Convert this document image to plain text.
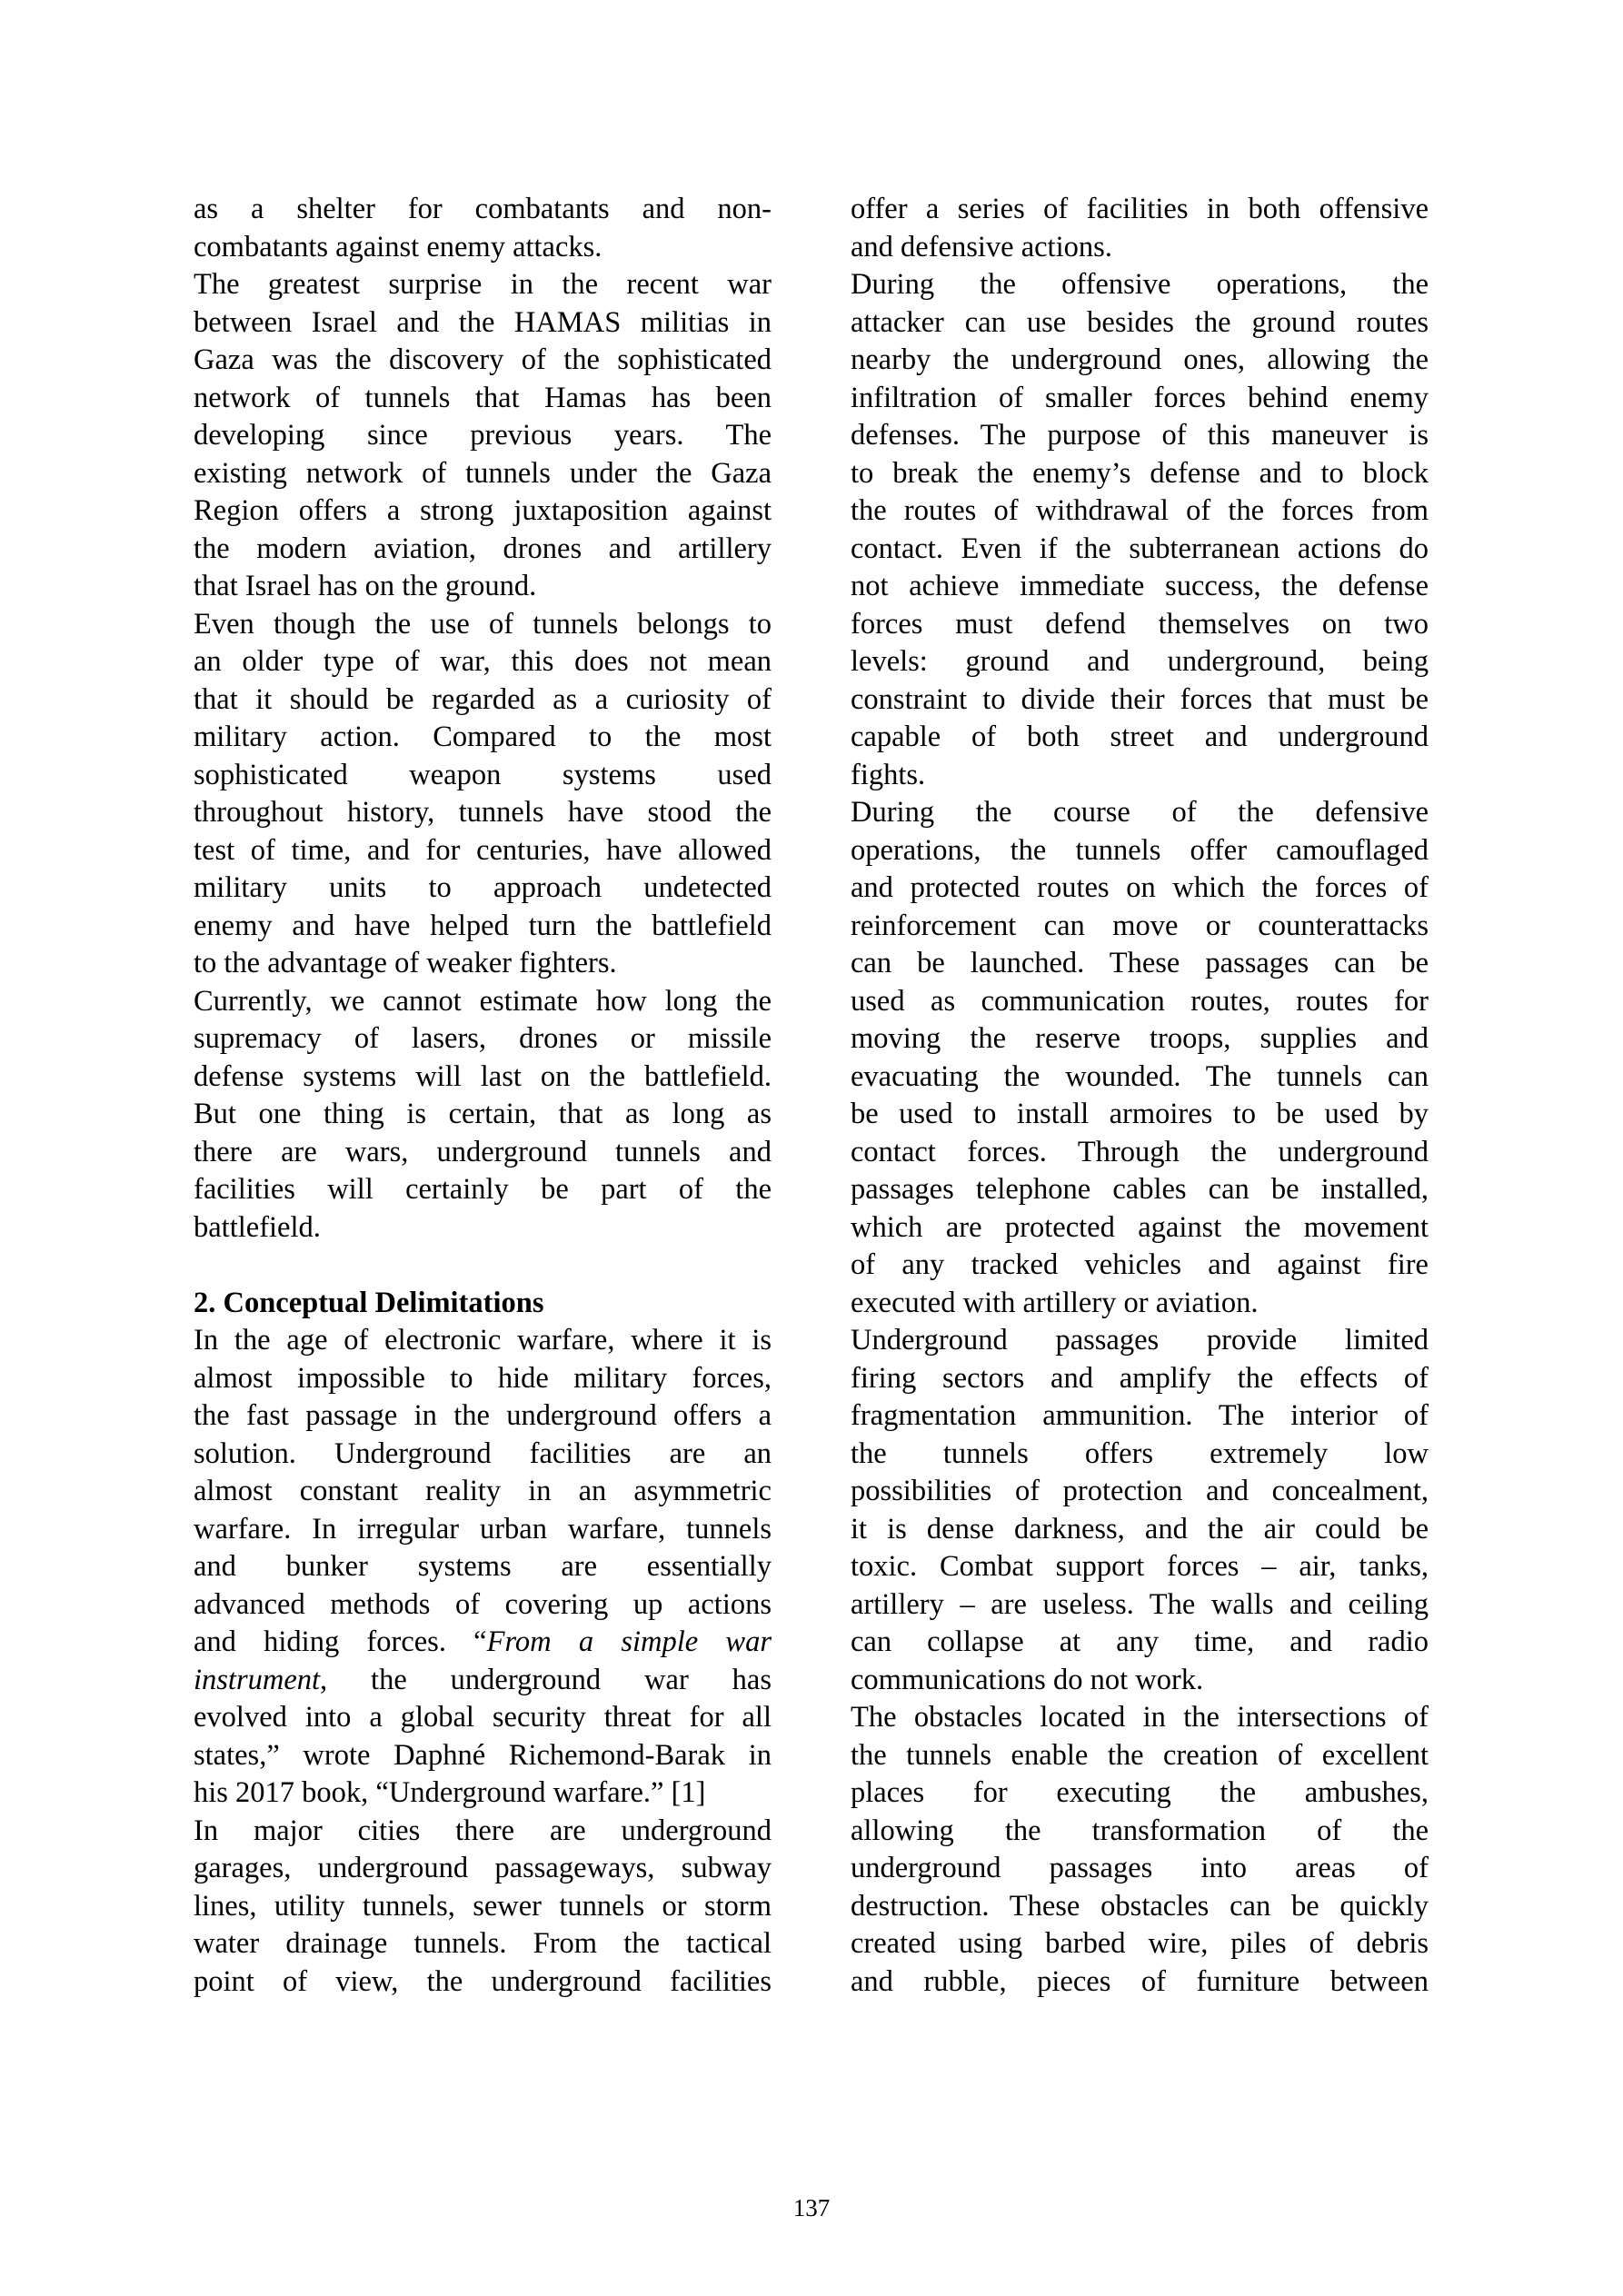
as a shelter for combatants and non-
combatants against enemy attacks.
The greatest surprise in the recent war
between Israel and the HAMAS militias in
Gaza was the discovery of the sophisticated
network of tunnels that Hamas has been
developing since previous years. The
existing network of tunnels under the Gaza
Region offers a strong juxtaposition against
the modern aviation, drones and artillery
that Israel has on the ground.
Even though the use of tunnels belongs to
an older type of war, this does not mean
that it should be regarded as a curiosity of
military action. Compared to the most
sophisticated weapon systems used
throughout history, tunnels have stood the
test of time, and for centuries, have allowed
military units to approach undetected
enemy and have helped turn the battlefield
to the advantage of weaker fighters.
Currently, we cannot estimate how long the
supremacy of lasers, drones or missile
defense systems will last on the battlefield.
But one thing is certain, that as long as
there are wars, underground tunnels and
facilities will certainly be part of the
battlefield.
2. Conceptual Delimitations
In the age of electronic warfare, where it is
almost impossible to hide military forces,
the fast passage in the underground offers a
solution. Underground facilities are an
almost constant reality in an asymmetric
warfare. In irregular urban warfare, tunnels
and bunker systems are essentially
advanced methods of covering up actions
and hiding forces. “From a simple war
instrument, the underground war has
evolved into a global security threat for all
states,” wrote Daphné Richemond-Barak in
his 2017 book, “Underground warfare.” [1]
In major cities there are underground
garages, underground passageways, subway
lines, utility tunnels, sewer tunnels or storm
water drainage tunnels. From the tactical
point of view, the underground facilities
offer a series of facilities in both offensive
and defensive actions.
During the offensive operations, the
attacker can use besides the ground routes
nearby the underground ones, allowing the
infiltration of smaller forces behind enemy
defenses. The purpose of this maneuver is
to break the enemy’s defense and to block
the routes of withdrawal of the forces from
contact. Even if the subterranean actions do
not achieve immediate success, the defense
forces must defend themselves on two
levels: ground and underground, being
constraint to divide their forces that must be
capable of both street and underground
fights.
During the course of the defensive
operations, the tunnels offer camouflaged
and protected routes on which the forces of
reinforcement can move or counterattacks
can be launched. These passages can be
used as communication routes, routes for
moving the reserve troops, supplies and
evacuating the wounded. The tunnels can
be used to install armoires to be used by
contact forces. Through the underground
passages telephone cables can be installed,
which are protected against the movement
of any tracked vehicles and against fire
executed with artillery or aviation.
Underground passages provide limited
firing sectors and amplify the effects of
fragmentation ammunition. The interior of
the tunnels offers extremely low
possibilities of protection and concealment,
it is dense darkness, and the air could be
toxic. Combat support forces – air, tanks,
artillery – are useless. The walls and ceiling
can collapse at any time, and radio
communications do not work.
The obstacles located in the intersections of
the tunnels enable the creation of excellent
places for executing the ambushes,
allowing the transformation of the
underground passages into areas of
destruction. These obstacles can be quickly
created using barbed wire, piles of debris
and rubble, pieces of furniture between
137
